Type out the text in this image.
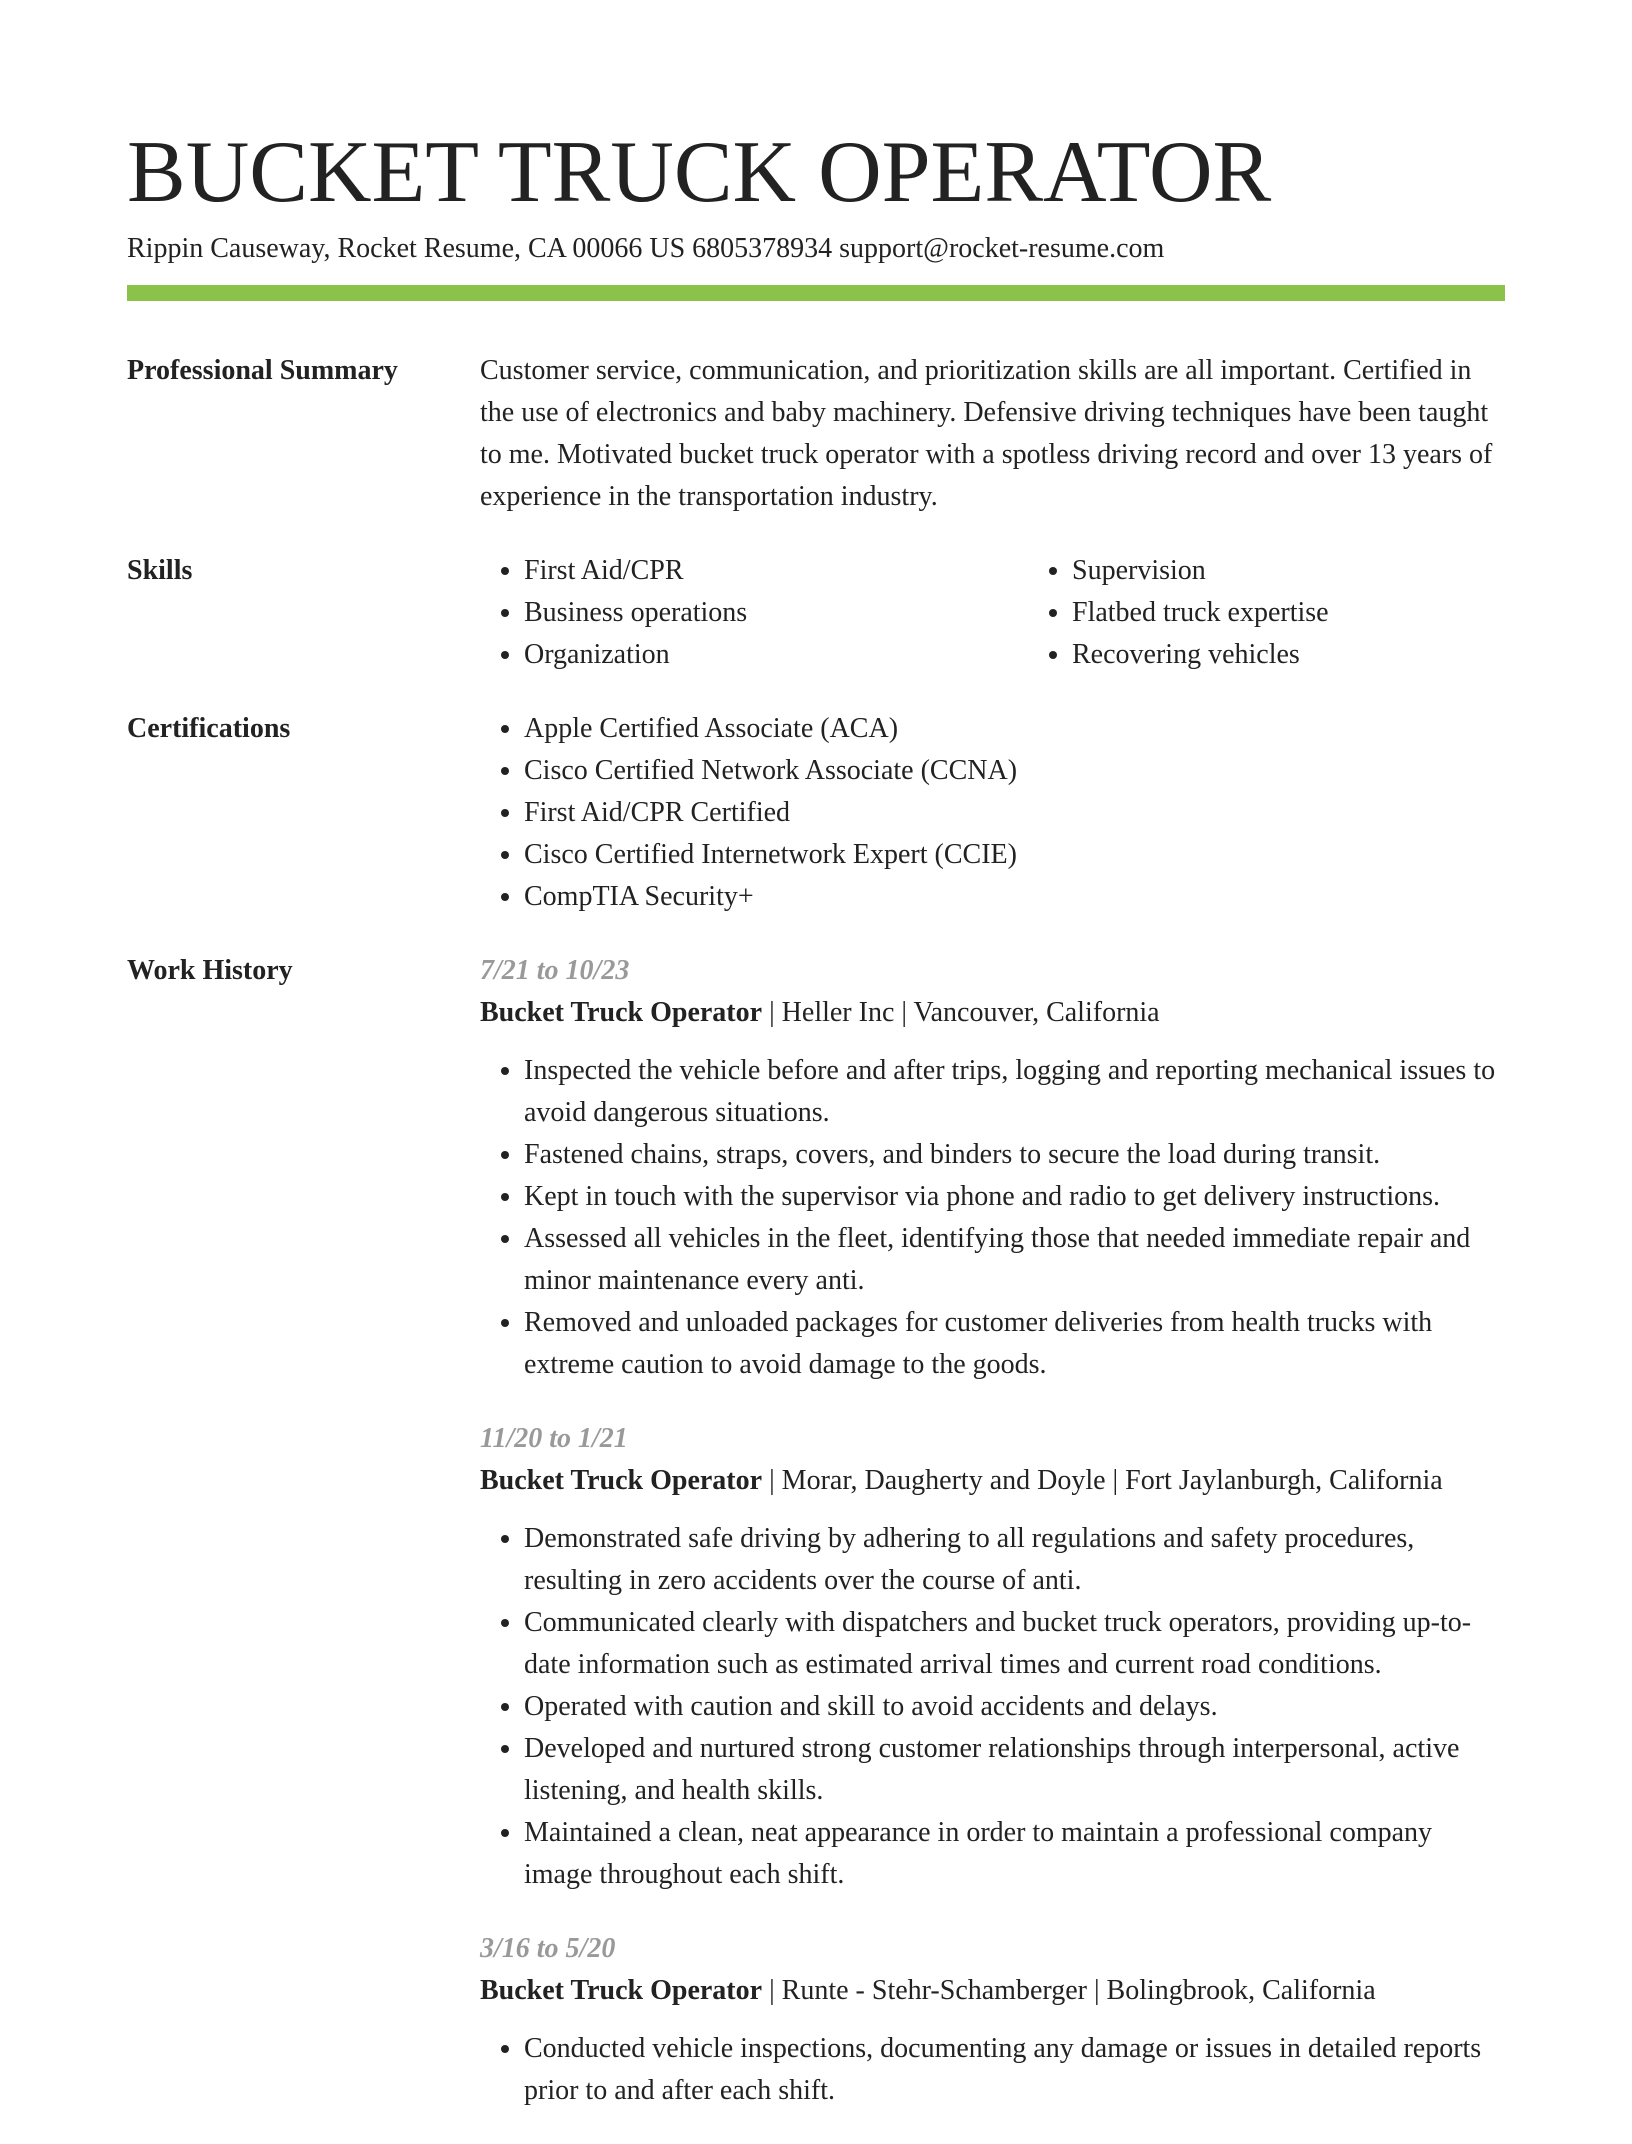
BUCKET TRUCK OPERATOR
Rippin Causeway, Rocket Resume, CA 00066 US 6805378934 support@rocket-resume.com
Professional Summary	Customer service, communication, and prioritization skills are all important. Certified in the use of electronics and baby machinery. Defensive driving techniques have been taught to me. Motivated bucket truck operator with a spotless driving record and over 13 years of experience in the transportation industry.

Skills	• First Aid/CPR
• Business operations
• Organization
• Supervision
• Flatbed truck expertise
• Recovering vehicles
Certifications	• Apple Certified Associate (ACA)
• Cisco Certified Network Associate (CCNA)
• First Aid/CPR Certified
• Cisco Certified Internetwork Expert (CCIE)
• CompTIA Security+
Work History	7/21 to 10/23
Bucket Truck Operator | Heller Inc | Vancouver, California
• Inspected the vehicle before and after trips, logging and reporting mechanical issues to avoid dangerous situations.
• Fastened chains, straps, covers, and binders to secure the load during transit.
• Kept in touch with the supervisor via phone and radio to get delivery instructions.
• Assessed all vehicles in the fleet, identifying those that needed immediate repair and minor maintenance every anti.
• Removed and unloaded packages for customer deliveries from health trucks with extreme caution to avoid damage to the goods.
11/20 to 1/21
Bucket Truck Operator | Morar, Daugherty and Doyle | Fort Jaylanburgh, California
• Demonstrated safe driving by adhering to all regulations and safety procedures, resulting in zero accidents over the course of anti.
• Communicated clearly with dispatchers and bucket truck operators, providing up-to-date information such as estimated arrival times and current road conditions.
• Operated with caution and skill to avoid accidents and delays.
• Developed and nurtured strong customer relationships through interpersonal, active listening, and health skills.
• Maintained a clean, neat appearance in order to maintain a professional company image throughout each shift.
3/16 to 5/20
Bucket Truck Operator | Runte - Stehr-Schamberger | Bolingbrook, California
• Conducted vehicle inspections, documenting any damage or issues in detailed reports prior to and after each shift.
